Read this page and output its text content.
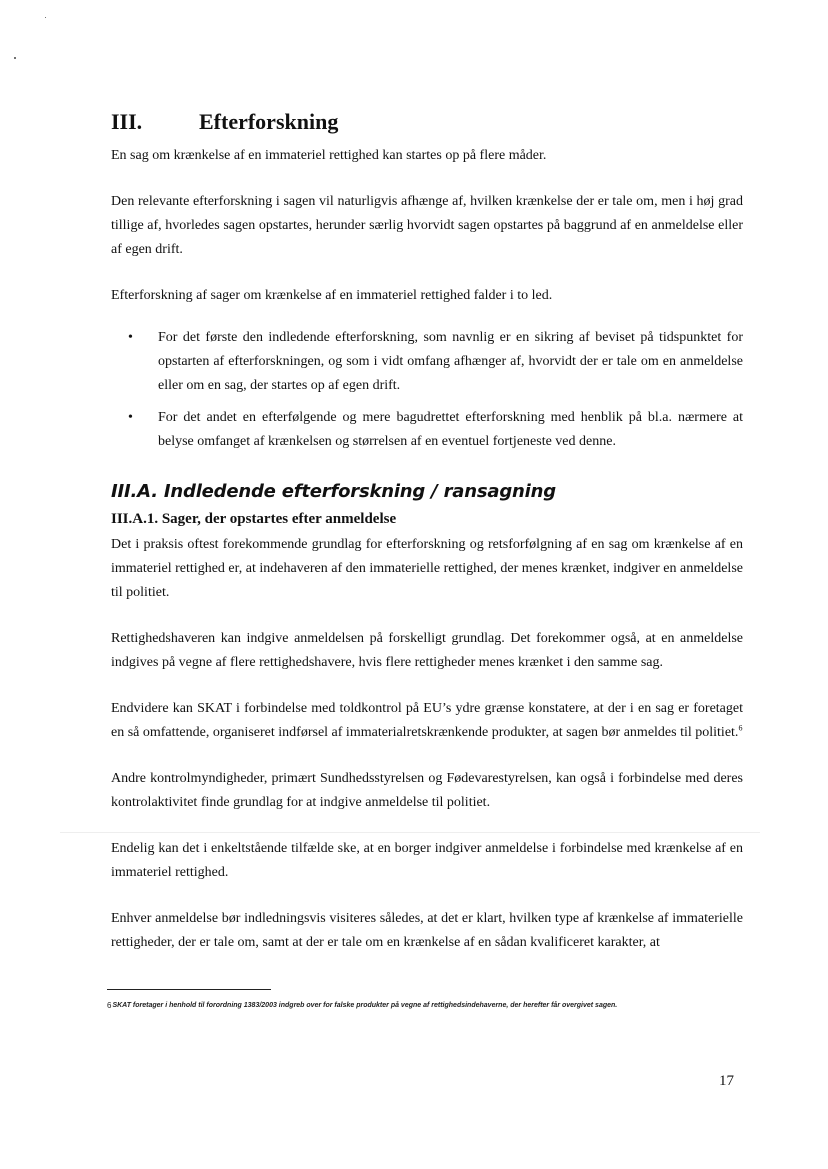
III.	Efterforskning

En sag om krænkelse af en immateriel rettighed kan startes op på flere måder.

Den relevante efterforskning i sagen vil naturligvis afhænge af, hvilken krænkelse der er tale om, men i høj grad tillige af, hvorledes sagen opstartes, herunder særlig hvorvidt sagen opstartes på baggrund af en anmeldelse eller af egen drift.

Efterforskning af sager om krænkelse af en immateriel rettighed falder i to led.

• For det første den indledende efterforskning, som navnlig er en sikring af beviset på tidspunktet for opstarten af efterforskningen, og som i vidt omfang afhænger af, hvorvidt der er tale om en anmeldelse eller om en sag, der startes op af egen drift.
• For det andet en efterfølgende og mere bagudrettet efterforskning med henblik på bl.a. nærmere at belyse omfanget af krænkelsen og størrelsen af en eventuel fortjeneste ved denne.
III.A. Indledende efterforskning / ransagning
III.A.1. Sager, der opstartes efter anmeldelse

Det i praksis oftest forekommende grundlag for efterforskning og retsforfølgning af en sag om krænkelse af en immateriel rettighed er, at indehaveren af den immaterielle rettighed, der menes krænket, indgiver en anmeldelse til politiet.

Rettighedshaveren kan indgive anmeldelsen på forskelligt grundlag. Det forekommer også, at en anmeldelse indgives på vegne af flere rettighedshavere, hvis flere rettigheder menes krænket i den samme sag.

Endvidere kan SKAT i forbindelse med toldkontrol på EU’s ydre grænse konstatere, at der i en sag er foretaget en så omfattende, organiseret indførsel af immaterialretskrænkende produkter, at sagen bør anmeldes til politiet.$^6$

Andre kontrolmyndigheder, primært Sundhedsstyrelsen og Fødevarestyrelsen, kan også i forbindelse med deres kontrolaktivitet finde grundlag for at indgive anmeldelse til politiet.

Endelig kan det i enkeltstående tilfælde ske, at en borger indgiver anmeldelse i forbindelse med krænkelse af en immateriel rettighed.

Enhver anmeldelse bør indledningsvis visiteres således, at det er klart, hvilken type af krænkelse af immaterielle rettigheder, der er tale om, samt at der er tale om en krænkelse af en sådan kvalificeret karakter, at

6SKAT foretager i henhold til forordning 1383/2003 indgreb over for falske produkter på vegne af rettighedsindehaverne, der herefter får overgivet sagen.
17
